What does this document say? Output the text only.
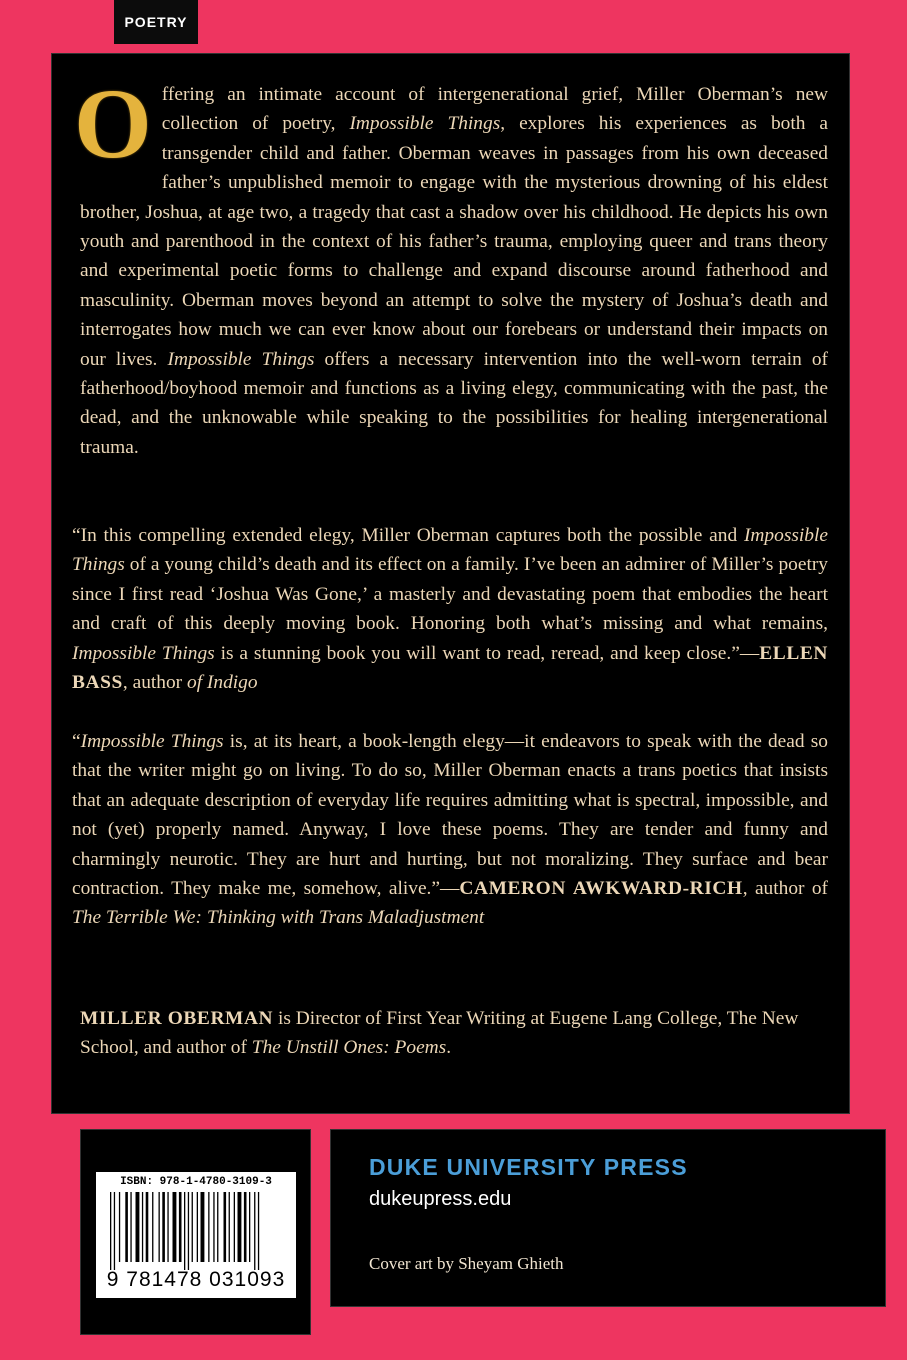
POETRY

Offering an intimate account of intergenerational grief, Miller Oberman’s new collection of poetry, Impossible Things, explores his experiences as both a transgender child and father. Oberman weaves in passages from his own deceased father’s unpublished memoir to engage with the mysterious drowning of his eldest brother, Joshua, at age two, a tragedy that cast a shadow over his childhood. He depicts his own youth and parenthood in the context of his father’s trauma, employing queer and trans theory and experimental poetic forms to challenge and expand discourse around fatherhood and masculinity. Oberman moves beyond an attempt to solve the mystery of Joshua’s death and interrogates how much we can ever know about our forebears or understand their impacts on our lives. Impossible Things offers a necessary intervention into the well-worn terrain of fatherhood/boyhood memoir and functions as a living elegy, communicating with the past, the dead, and the unknowable while speaking to the possibilities for healing intergenerational trauma.

“In this compelling extended elegy, Miller Oberman captures both the possible and Impossible Things of a young child’s death and its effect on a family. I’ve been an admirer of Miller’s poetry since I first read ‘Joshua Was Gone,’ a masterly and devastating poem that embodies the heart and craft of this deeply moving book. Honoring both what’s missing and what remains, Impossible Things is a stunning book you will want to read, reread, and keep close.”—ELLEN BASS, author of Indigo

“Impossible Things is, at its heart, a book-length elegy—it endeavors to speak with the dead so that the writer might go on living. To do so, Miller Oberman enacts a trans poetics that insists that an adequate description of everyday life requires admitting what is spectral, impossible, and not (yet) properly named. Anyway, I love these poems. They are tender and funny and charmingly neurotic. They are hurt and hurting, but not moralizing. They surface and bear contraction. They make me, somehow, alive.”—CAMERON AWKWARD-RICH, author of The Terrible We: Thinking with Trans Maladjustment

MILLER OBERMAN is Director of First Year Writing at Eugene Lang College, The New School, and author of The Unstill Ones: Poems.

ISBN: 978-1-4780-3109-3
9 781478 031093
DUKE UNIVERSITY PRESS
dukeupress.edu
Cover art by Sheyam Ghieth
